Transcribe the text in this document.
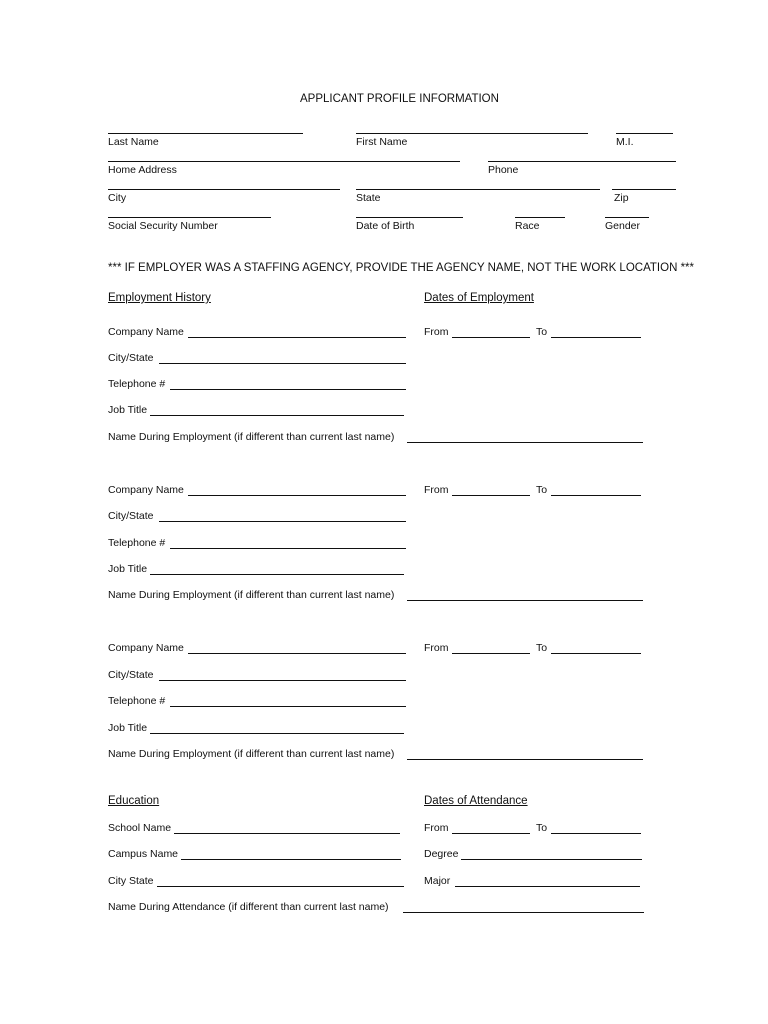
APPLICANT PROFILE INFORMATION
Last Name	First Name	M.I.
Home Address	Phone
City	State	Zip
Social Security Number	Date of Birth	Race	Gender
*** IF EMPLOYER WAS A STAFFING AGENCY, PROVIDE THE AGENCY NAME, NOT THE WORK LOCATION ***
Employment History	Dates of Employment
Company Name	From	To
City/State
Telephone #
Job Title
Name During Employment (if different than current last name)
Company Name	From	To
City/State
Telephone #
Job Title
Name During Employment (if different than current last name)
Company Name	From	To
City/State
Telephone #
Job Title
Name During Employment (if different than current last name)
Education	Dates of Attendance
School Name	From	To
Campus Name	Degree
City State	Major
Name During Attendance (if different than current last name)
